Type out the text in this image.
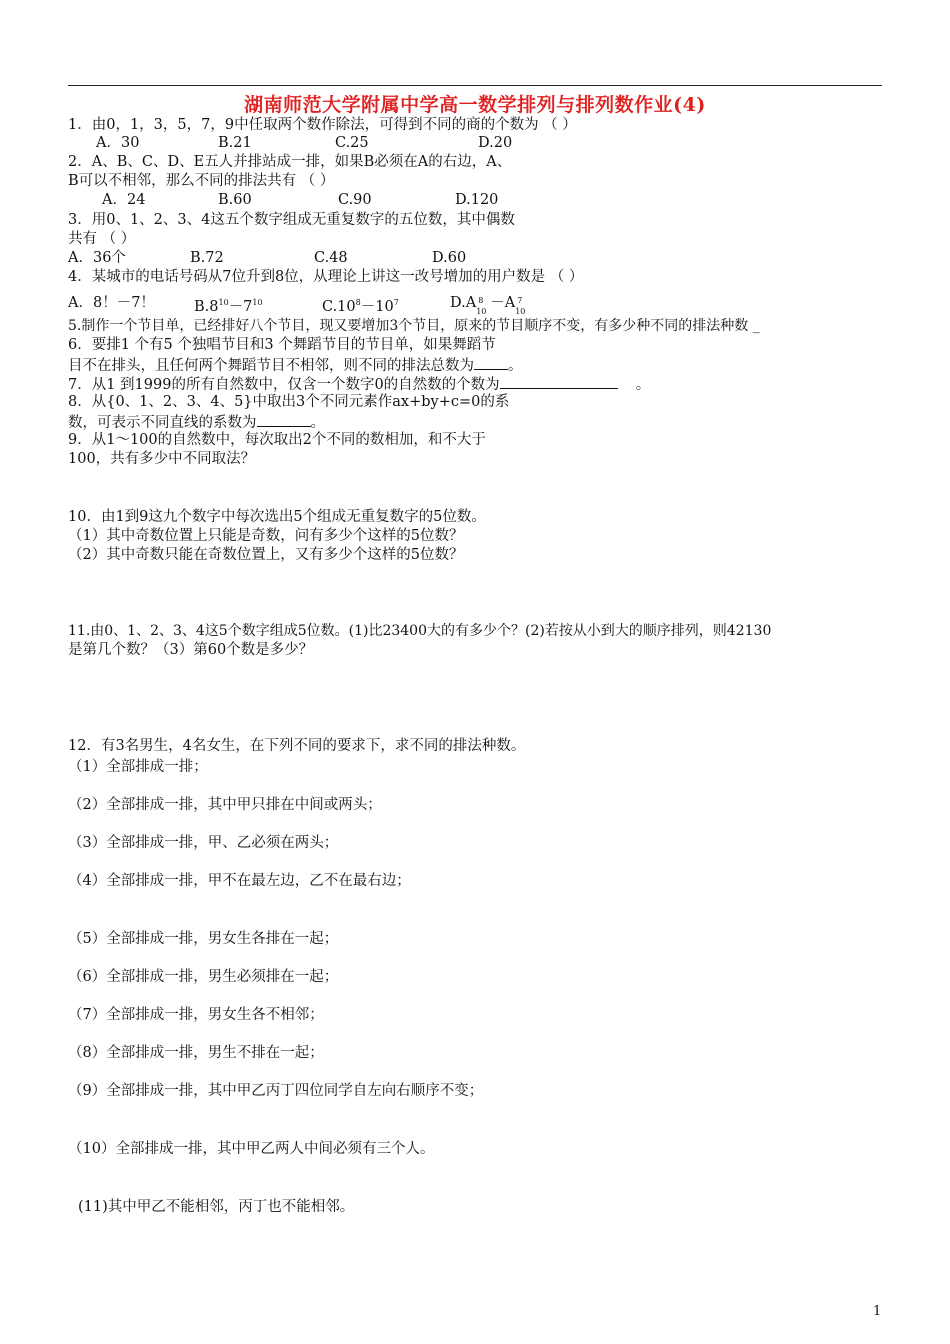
湖南师范大学附属中学高一数学排列与排列数作业(4)
1．由0，1，3，5，7，9中任取两个数作除法，可得到不同的商的个数为 （ ）
A．30	B.21	C.25	D.20
2．A、B、C、D、E五人并排站成一排，如果B必须在A的右边，A、
B可以不相邻，那么不同的排法共有 （ ）
A．24	B.60	C.90	D.120
3．用0、1、2、3、4这五个数字组成无重复数字的五位数，其中偶数
共有 （ ）
A．36个	B.72	C.48	D.60
4．某城市的电话号码从7位升到8位，从理论上讲这一改号增加的用户数是 （ ）
A．8！－7！	$B.8^{10}-7^{10}$	$C.10^8-10^7$	D.A 8
10
－A 7
10
5.制作一个节目单，已经排好八个节目，现又要增加3个节目，原来的节目顺序不变，有多少种不同的排法种数 _
6．要排1 个有5 个独唱节目和3 个舞蹈节目的节目单，如果舞蹈节
目不在排头，且任何两个舞蹈节目不相邻，则不同的排法总数为 。
7．从1 到1999的所有自然数中，仅含一个数字0的自然数的个数为	。
8．从{0、1、2、3、4、5}中取出3个不同元素作ax+by+c=0的系
数，可表示不同直线的系数为	。
9．从1～100的自然数中，每次取出2个不同的数相加，和不大于
100，共有多少中不同取法？
10．由1到9这九个数字中每次选出5个组成无重复数字的5位数。
（1）其中奇数位置上只能是奇数，问有多少个这样的5位数？
（2）其中奇数只能在奇数位置上，又有多少个这样的5位数？
11.由0、1、2、3、4这5个数字组成5位数。(1)比23400大的有多少个？(2)若按从小到大的顺序排列，则42130
是第几个数？（3）第60个数是多少？
12．有3名男生，4名女生，在下列不同的要求下，求不同的排法种数。
（1）全部排成一排；
（2）全部排成一排，其中甲只排在中间或两头；
（3）全部排成一排，甲、乙必须在两头；
（4）全部排成一排，甲不在最左边，乙不在最右边；
（5）全部排成一排，男女生各排在一起；
（6）全部排成一排，男生必须排在一起；
（7）全部排成一排，男女生各不相邻；
（8）全部排成一排，男生不排在一起；
（9）全部排成一排，其中甲乙丙丁四位同学自左向右顺序不变；
（10）全部排成一排，其中甲乙两人中间必须有三个人。
(11)其中甲乙不能相邻，丙丁也不能相邻。
1
